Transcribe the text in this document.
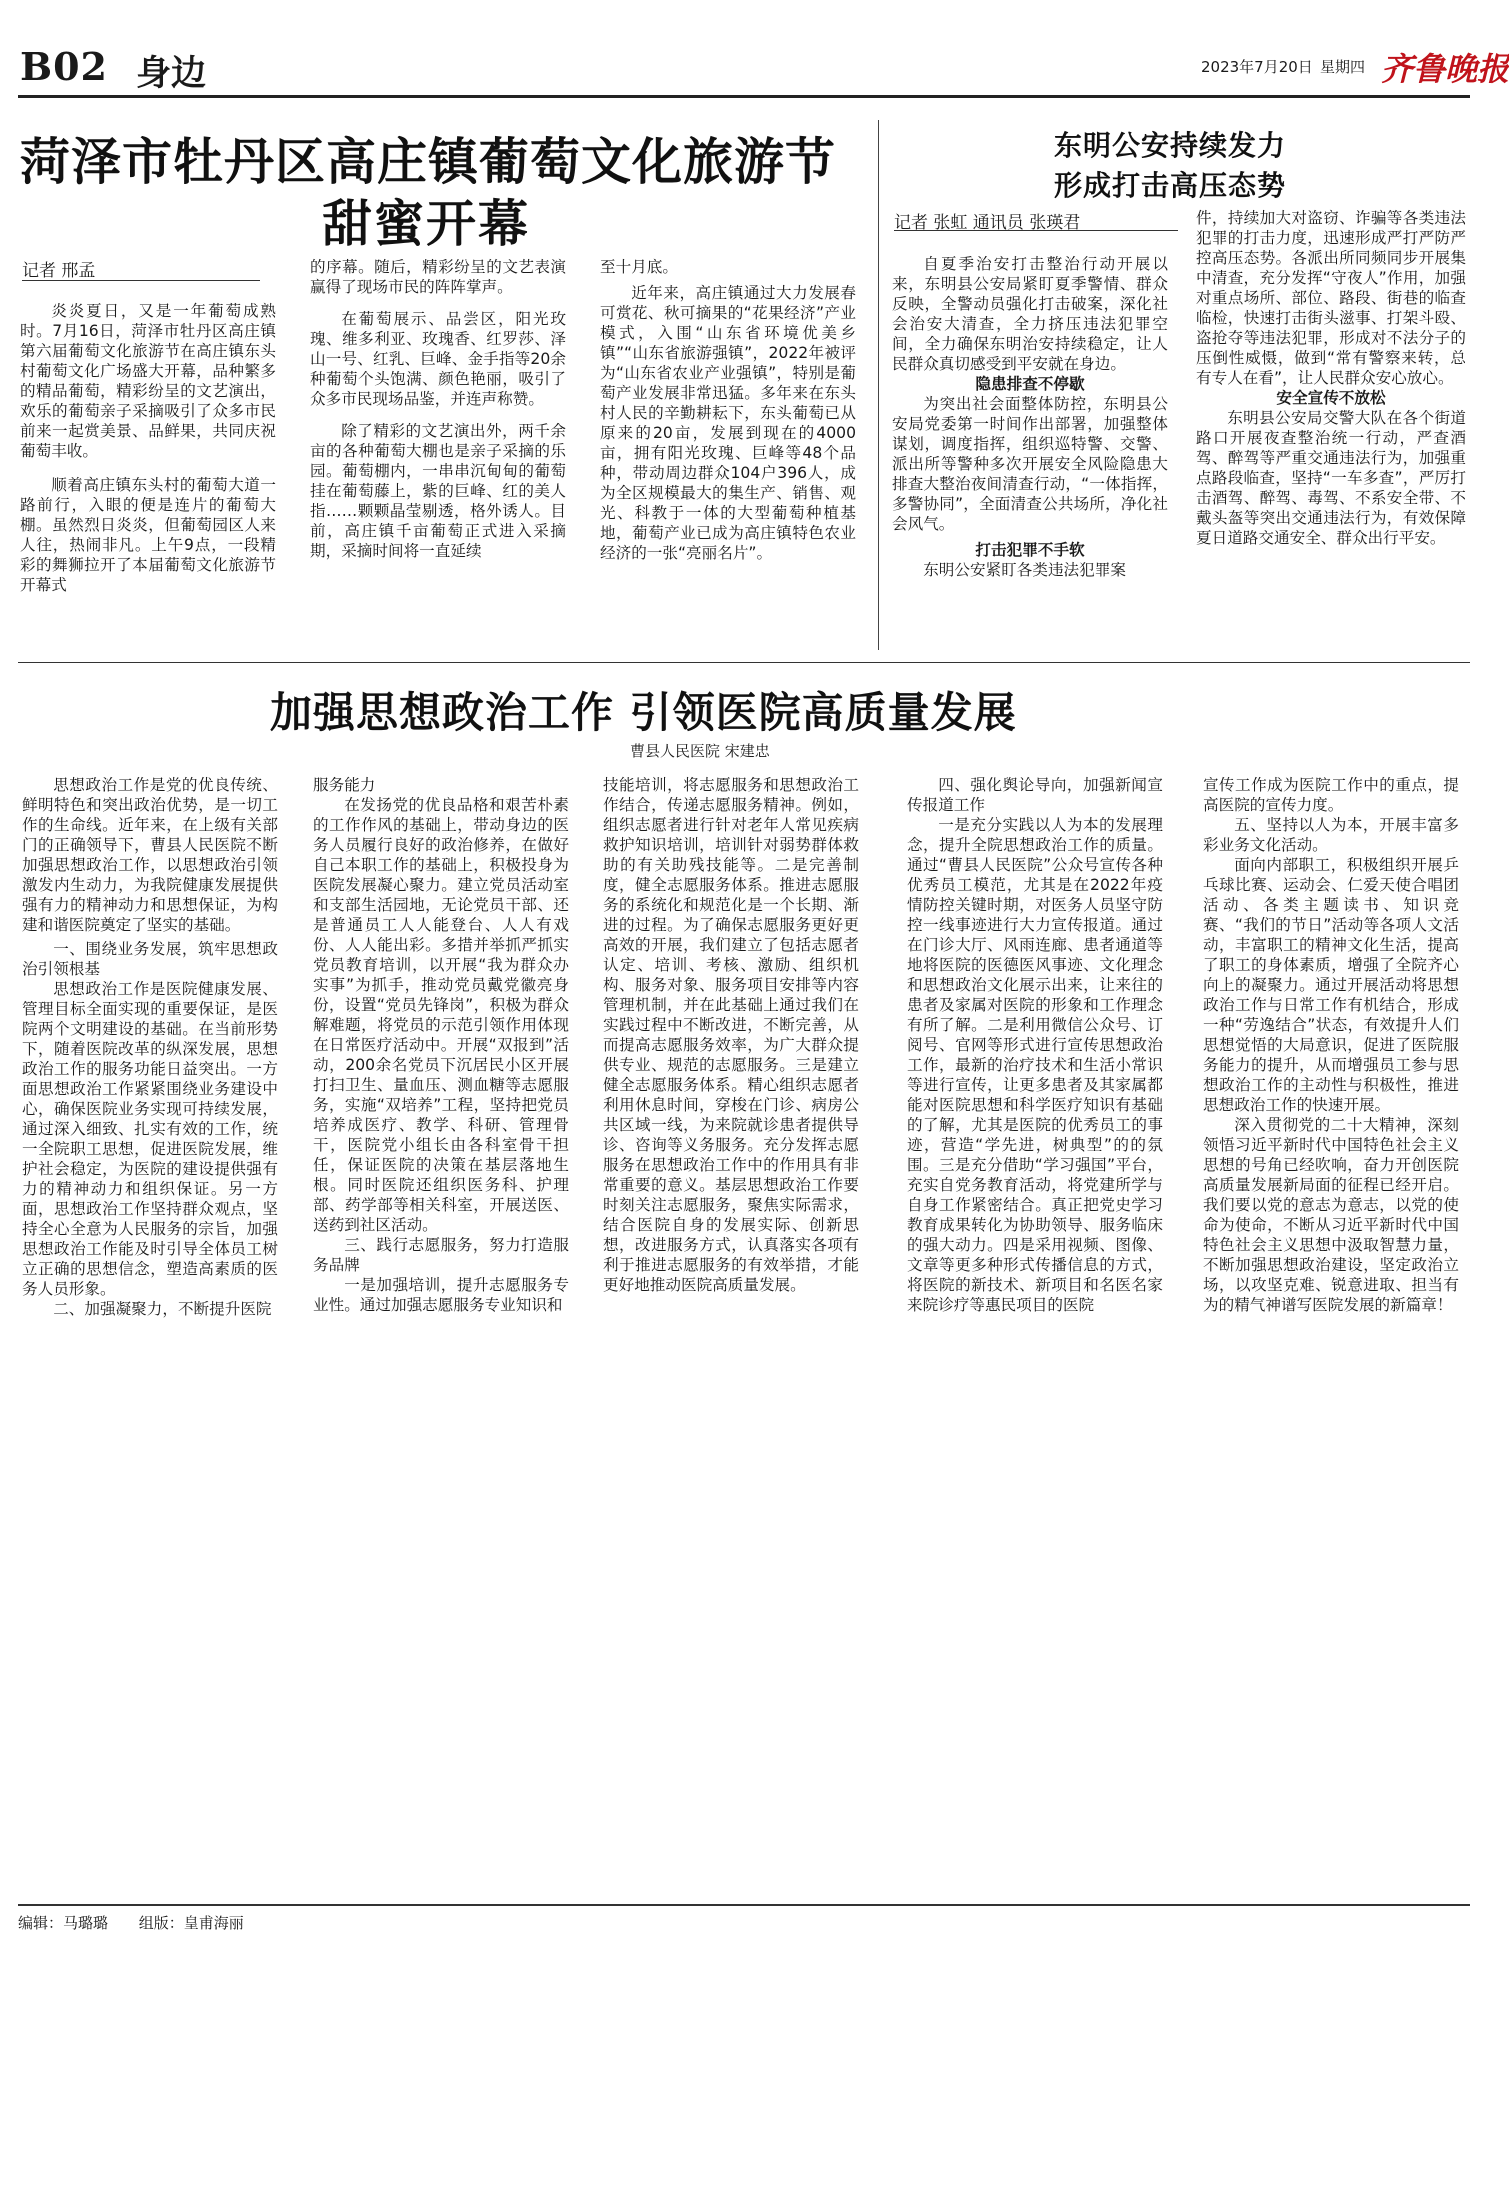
B02 身边	2023年7月20日 星期四 齐鲁晚报
菏泽市牡丹区高庄镇葡萄文化旅游节
甜蜜开幕
记者 邢孟

炎炎夏日，又是一年葡萄成熟时。7月16日，菏泽市牡丹区高庄镇第六届葡萄文化旅游节在高庄镇东头村葡萄文化广场盛大开幕，品种繁多的精品葡萄，精彩纷呈的文艺演出，欢乐的葡萄亲子采摘吸引了众多市民前来一起赏美景、品鲜果，共同庆祝葡萄丰收。

顺着高庄镇东头村的葡萄大道一路前行，入眼的便是连片的葡萄大棚。虽然烈日炎炎，但葡萄园区人来人往，热闹非凡。上午9点，一段精彩的舞狮拉开了本届葡萄文化旅游节开幕式

的序幕。随后，精彩纷呈的文艺表演赢得了现场市民的阵阵掌声。

在葡萄展示、品尝区，阳光玫瑰、维多利亚、玫瑰香、红罗莎、泽山一号、红乳、巨峰、金手指等20余种葡萄个头饱满、颜色艳丽，吸引了众多市民现场品鉴，并连声称赞。

除了精彩的文艺演出外，两千余亩的各种葡萄大棚也是亲子采摘的乐园。葡萄棚内，一串串沉甸甸的葡萄挂在葡萄藤上，紫的巨峰、红的美人指……颗颗晶莹剔透，格外诱人。目前，高庄镇千亩葡萄正式进入采摘期，采摘时间将一直延续

至十月底。

近年来，高庄镇通过大力发展春可赏花、秋可摘果的“花果经济”产业模式，入围“山东省环境优美乡镇”“山东省旅游强镇”，2022年被评为“山东省农业产业强镇”，特别是葡萄产业发展非常迅猛。多年来在东头村人民的辛勤耕耘下，东头葡萄已从原来的20亩，发展到现在的4000亩，拥有阳光玫瑰、巨峰等48个品种，带动周边群众104户396人，成为全区规模最大的集生产、销售、观光、科教于一体的大型葡萄种植基地，葡萄产业已成为高庄镇特色农业经济的一张“亮丽名片”。

东明公安持续发力
形成打击高压态势
记者 张虹 通讯员 张瑛君

自夏季治安打击整治行动开展以来，东明县公安局紧盯夏季警情、群众反映，全警动员强化打击破案，深化社会治安大清查，全力挤压违法犯罪空间，全力确保东明治安持续稳定，让人民群众真切感受到平安就在身边。

隐患排查不停歇

为突出社会面整体防控，东明县公安局党委第一时间作出部署，加强整体谋划，调度指挥，组织巡特警、交警、派出所等警种多次开展安全风险隐患大排查大整治夜间清查行动，“一体指挥，多警协同”，全面清查公共场所，净化社会风气。

打击犯罪不手软

东明公安紧盯各类违法犯罪案

件，持续加大对盗窃、诈骗等各类违法犯罪的打击力度，迅速形成严打严防严控高压态势。各派出所同频同步开展集中清查，充分发挥“守夜人”作用，加强对重点场所、部位、路段、街巷的临查临检，快速打击街头滋事、打架斗殴、盗抢夺等违法犯罪，形成对不法分子的压倒性威慑，做到“常有警察来转，总有专人在看”，让人民群众安心放心。

安全宣传不放松

东明县公安局交警大队在各个街道路口开展夜查整治统一行动，严查酒驾、醉驾等严重交通违法行为，加强重点路段临查，坚持“一车多查”，严厉打击酒驾、醉驾、毒驾、不系安全带、不戴头盔等突出交通违法行为，有效保障夏日道路交通安全、群众出行平安。

加强思想政治工作 引领医院高质量发展
曹县人民医院 宋建忠

思想政治工作是党的优良传统、鲜明特色和突出政治优势，是一切工作的生命线。近年来，在上级有关部门的正确领导下，曹县人民医院不断加强思想政治工作，以思想政治引领激发内生动力，为我院健康发展提供强有力的精神动力和思想保证，为构建和谐医院奠定了坚实的基础。

一、围绕业务发展，筑牢思想政治引领根基

思想政治工作是医院健康发展、管理目标全面实现的重要保证，是医院两个文明建设的基础。在当前形势下，随着医院改革的纵深发展，思想政治工作的服务功能日益突出。一方面思想政治工作紧紧围绕业务建设中心，确保医院业务实现可持续发展，通过深入细致、扎实有效的工作，统一全院职工思想，促进医院发展，维护社会稳定，为医院的建设提供强有力的精神动力和组织保证。另一方面，思想政治工作坚持群众观点，坚持全心全意为人民服务的宗旨，加强思想政治工作能及时引导全体员工树立正确的思想信念，塑造高素质的医务人员形象。

二、加强凝聚力，不断提升医院

服务能力

在发扬党的优良品格和艰苦朴素的工作作风的基础上，带动身边的医务人员履行良好的政治修养，在做好自己本职工作的基础上，积极投身为医院发展凝心聚力。建立党员活动室和支部生活园地，无论党员干部、还是普通员工人人能登台、人人有戏份、人人能出彩。多措并举抓严抓实党员教育培训，以开展“我为群众办实事”为抓手，推动党员戴党徽亮身份，设置“党员先锋岗”，积极为群众解难题，将党员的示范引领作用体现在日常医疗活动中。开展“双报到”活动，200余名党员下沉居民小区开展打扫卫生、量血压、测血糖等志愿服务，实施“双培养”工程，坚持把党员培养成医疗、教学、科研、管理骨干，医院党小组长由各科室骨干担任，保证医院的决策在基层落地生根。同时医院还组织医务科、护理部、药学部等相关科室，开展送医、送药到社区活动。

三、践行志愿服务，努力打造服务品牌

一是加强培训，提升志愿服务专业性。通过加强志愿服务专业知识和

技能培训，将志愿服务和思想政治工作结合，传递志愿服务精神。例如，组织志愿者进行针对老年人常见疾病救护知识培训，培训针对弱势群体救助的有关助残技能等。二是完善制度，健全志愿服务体系。推进志愿服务的系统化和规范化是一个长期、渐进的过程。为了确保志愿服务更好更高效的开展，我们建立了包括志愿者认定、培训、考核、激励、组织机构、服务对象、服务项目安排等内容管理机制，并在此基础上通过我们在实践过程中不断改进，不断完善，从而提高志愿服务效率，为广大群众提供专业、规范的志愿服务。三是建立健全志愿服务体系。精心组织志愿者利用休息时间，穿梭在门诊、病房公共区域一线，为来院就诊患者提供导诊、咨询等义务服务。充分发挥志愿服务在思想政治工作中的作用具有非常重要的意义。基层思想政治工作要时刻关注志愿服务，聚焦实际需求，结合医院自身的发展实际、创新思想，改进服务方式，认真落实各项有利于推进志愿服务的有效举措，才能更好地推动医院高质量发展。

四、强化舆论导向，加强新闻宣传报道工作

一是充分实践以人为本的发展理念，提升全院思想政治工作的质量。通过“曹县人民医院”公众号宣传各种优秀员工模范，尤其是在2022年疫情防控关键时期，对医务人员坚守防控一线事迹进行大力宣传报道。通过在门诊大厅、风雨连廊、患者通道等地将医院的医德医风事迹、文化理念和思想政治文化展示出来，让来往的患者及家属对医院的形象和工作理念有所了解。二是利用微信公众号、订阅号、官网等形式进行宣传思想政治工作，最新的治疗技术和生活小常识等进行宣传，让更多患者及其家属都能对医院思想和科学医疗知识有基础的了解，尤其是医院的优秀员工的事迹，营造“学先进，树典型”的的氛围。三是充分借助“学习强国”平台，充实自党务教育活动，将党建所学与自身工作紧密结合。真正把党史学习教育成果转化为协助领导、服务临床的强大动力。四是采用视频、图像、文章等更多种形式传播信息的方式，将医院的新技术、新项目和名医名家来院诊疗等惠民项目的医院

宣传工作成为医院工作中的重点，提高医院的宣传力度。

五、坚持以人为本，开展丰富多彩业务文化活动。

面向内部职工，积极组织开展乒乓球比赛、运动会、仁爱天使合唱团活动、各类主题读书、知识竞赛、“我们的节日”活动等各项人文活动，丰富职工的精神文化生活，提高了职工的身体素质，增强了全院齐心向上的凝聚力。通过开展活动将思想政治工作与日常工作有机结合，形成一种“劳逸结合”状态，有效提升人们思想觉悟的大局意识，促进了医院服务能力的提升，从而增强员工参与思想政治工作的主动性与积极性，推进思想政治工作的快速开展。

深入贯彻党的二十大精神，深刻领悟习近平新时代中国特色社会主义思想的号角已经吹响，奋力开创医院高质量发展新局面的征程已经开启。我们要以党的意志为意志，以党的使命为使命，不断从习近平新时代中国特色社会主义思想中汲取智慧力量，不断加强思想政治建设，坚定政治立场，以攻坚克难、锐意进取、担当有为的精气神谱写医院发展的新篇章！

编辑：马璐璐 组版：皇甫海丽
